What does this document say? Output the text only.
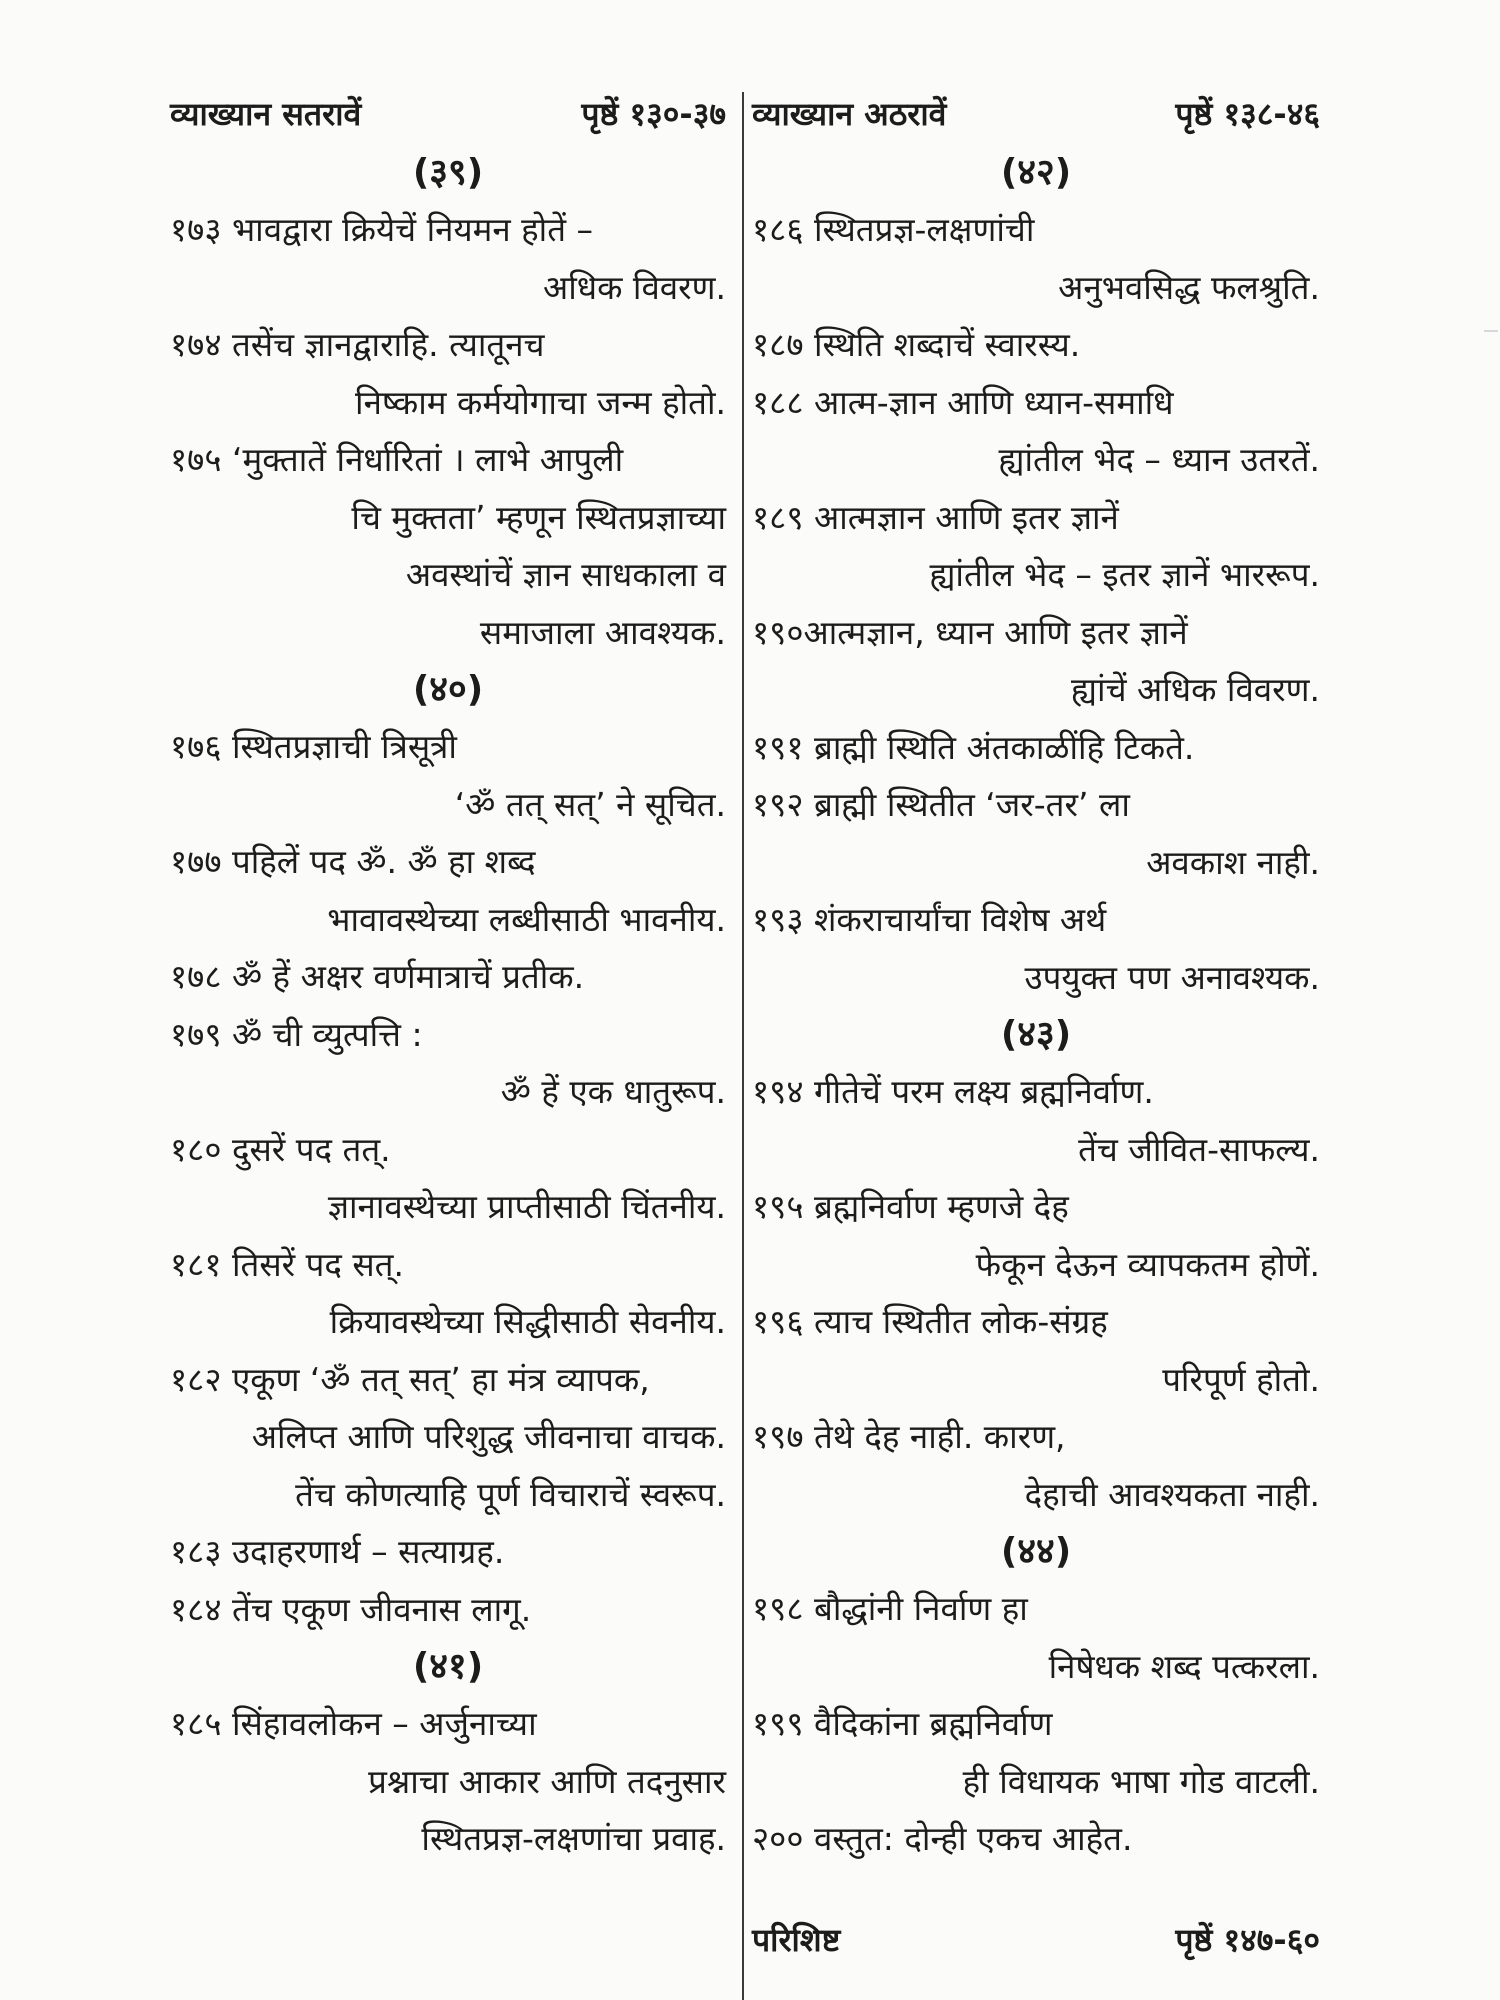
व्याख्यान सतरावें	पृष्ठें १३०-३७
(३९)
१७३ भावद्वारा क्रियेचें नियमन होतें –
अधिक विवरण.
१७४ तसेंच ज्ञानद्वाराहि. त्यातूनच
निष्काम कर्मयोगाचा जन्म होतो.
१७५ ‘मुक्तातें निर्धारितां । लाभे आपुली
चि मुक्तता’ म्हणून स्थितप्रज्ञाच्या
अवस्थांचें ज्ञान साधकाला व
समाजाला आवश्यक.
(४०)
१७६ स्थितप्रज्ञाची त्रिसूत्री
‘ॐ तत् सत्’ ने सूचित.
१७७ पहिलें पद ॐ. ॐ हा शब्द
भावावस्थेच्या लब्धीसाठी भावनीय.
१७८ ॐ हें अक्षर वर्णमात्राचें प्रतीक.
१७९ ॐ ची व्युत्पत्ति :
ॐ हें एक धातुरूप.
१८० दुसरें पद तत्.
ज्ञानावस्थेच्या प्राप्तीसाठी चिंतनीय.
१८१ तिसरें पद सत्.
क्रियावस्थेच्या सिद्धीसाठी सेवनीय.
१८२ एकूण ‘ॐ तत् सत्’ हा मंत्र व्यापक,
अलिप्त आणि परिशुद्ध जीवनाचा वाचक.
तेंच कोणत्याहि पूर्ण विचाराचें स्वरूप.
१८३ उदाहरणार्थ – सत्याग्रह.
१८४ तेंच एकूण जीवनास लागू.
(४१)
१८५ सिंहावलोकन – अर्जुनाच्या
प्रश्नाचा आकार आणि तदनुसार
स्थितप्रज्ञ-लक्षणांचा प्रवाह.
व्याख्यान अठरावें	पृष्ठें १३८-४६
(४२)
१८६ स्थितप्रज्ञ-लक्षणांची
अनुभवसिद्ध फलश्रुति.
१८७ स्थिति शब्दाचें स्वारस्य.
१८८ आत्म-ज्ञान आणि ध्यान-समाधि
ह्यांतील भेद – ध्यान उतरतें.
१८९ आत्मज्ञान आणि इतर ज्ञानें
ह्यांतील भेद – इतर ज्ञानें भाररूप.
१९०आत्मज्ञान, ध्यान आणि इतर ज्ञानें
ह्यांचें अधिक विवरण.
१९१ ब्राह्मी स्थिति अंतकाळींहि टिकते.
१९२ ब्राह्मी स्थितीत ‘जर-तर’ ला
अवकाश नाही.
१९३ शंकराचार्यांचा विशेष अर्थ
उपयुक्त पण अनावश्यक.
(४३)
१९४ गीतेचें परम लक्ष्य ब्रह्मनिर्वाण.
तेंच जीवित-साफल्य.
१९५ ब्रह्मनिर्वाण म्हणजे देह
फेकून देऊन व्यापकतम होणें.
१९६ त्याच स्थितीत लोक-संग्रह
परिपूर्ण होतो.
१९७ तेथे देह नाही. कारण,
देहाची आवश्यकता नाही.
(४४)
१९८ बौद्धांनी निर्वाण हा
निषेधक शब्द पत्करला.
१९९ वैदिकांना ब्रह्मनिर्वाण
ही विधायक भाषा गोड वाटली.
२०० वस्तुत: दोन्ही एकच आहेत.
परिशिष्ट	पृष्ठें १४७-६०
